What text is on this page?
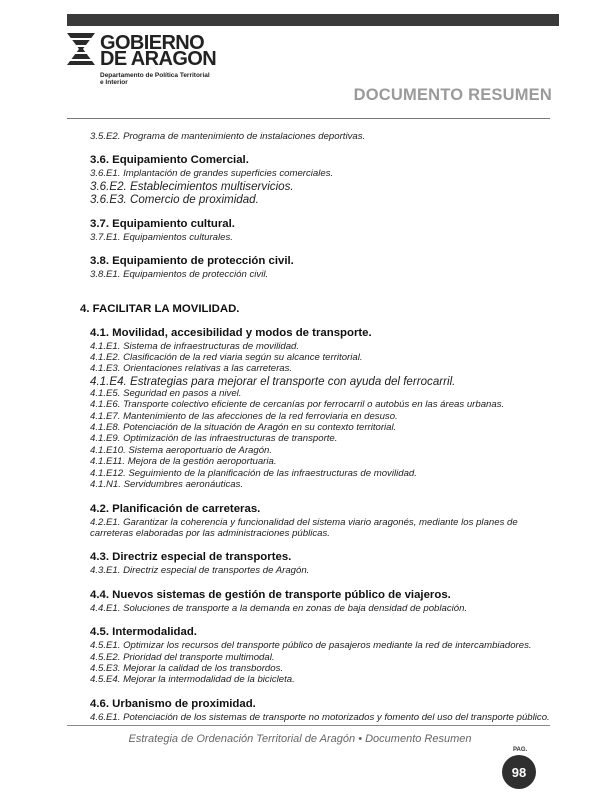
GOBIERNO
DE ARAGON
Departamento de Política Territorial
e Interior
DOCUMENTO RESUMEN
3.5.E2. Programa de mantenimiento de instalaciones deportivas.
3.6. Equipamiento Comercial.
3.6.E1. Implantación de grandes superficies comerciales.
3.6.E2. Establecimientos multiservicios.
3.6.E3. Comercio de proximidad.
3.7. Equipamiento cultural.
3.7.E1. Equipamientos culturales.
3.8. Equipamiento de protección civil.
3.8.E1. Equipamientos de protección civil.
4. FACILITAR LA MOVILIDAD.
4.1. Movilidad, accesibilidad y modos de transporte.
4.1.E1. Sistema de infraestructuras de movilidad.
4.1.E2. Clasificación de la red viaria según su alcance territorial.
4.1.E3. Orientaciones relativas a las carreteras.
4.1.E4. Estrategias para mejorar el transporte con ayuda del ferrocarril.
4.1.E5. Seguridad en pasos a nivel.
4.1.E6. Transporte colectivo eficiente de cercanías por ferrocarril o autobús en las áreas urbanas.
4.1.E7. Mantenimiento de las afecciones de la red ferroviaria en desuso.
4.1.E8. Potenciación de la situación de Aragón en su contexto territorial.
4.1.E9. Optimización de las infraestructuras de transporte.
4.1.E10. Sistema aeroportuario de Aragón.
4.1.E11. Mejora de la gestión aeroportuaria.
4.1.E12. Seguimiento de la planificación de las infraestructuras de movilidad.
4.1.N1. Servidumbres aeronáuticas.
4.2. Planificación de carreteras.
4.2.E1. Garantizar la coherencia y funcionalidad del sistema viario aragonés, mediante los planes de carreteras elaboradas por las administraciones públicas.
4.3. Directriz especial de transportes.
4.3.E1. Directriz especial de transportes de Aragón.
4.4. Nuevos sistemas de gestión de transporte público de viajeros.
4.4.E1. Soluciones de transporte a la demanda en zonas de baja densidad de población.
4.5. Intermodalidad.
4.5.E1. Optimizar los recursos del transporte público de pasajeros mediante la red de intercambiadores.
4.5.E2. Prioridad del transporte multimodal.
4.5.E3. Mejorar la calidad de los transbordos.
4.5.E4. Mejorar la intermodalidad de la bicicleta.
4.6. Urbanismo de proximidad.
4.6.E1. Potenciación de los sistemas de transporte no motorizados y fomento del uso del transporte público.
Estrategia de Ordenación Territorial de Aragón • Documento Resumen
PAG.
98
